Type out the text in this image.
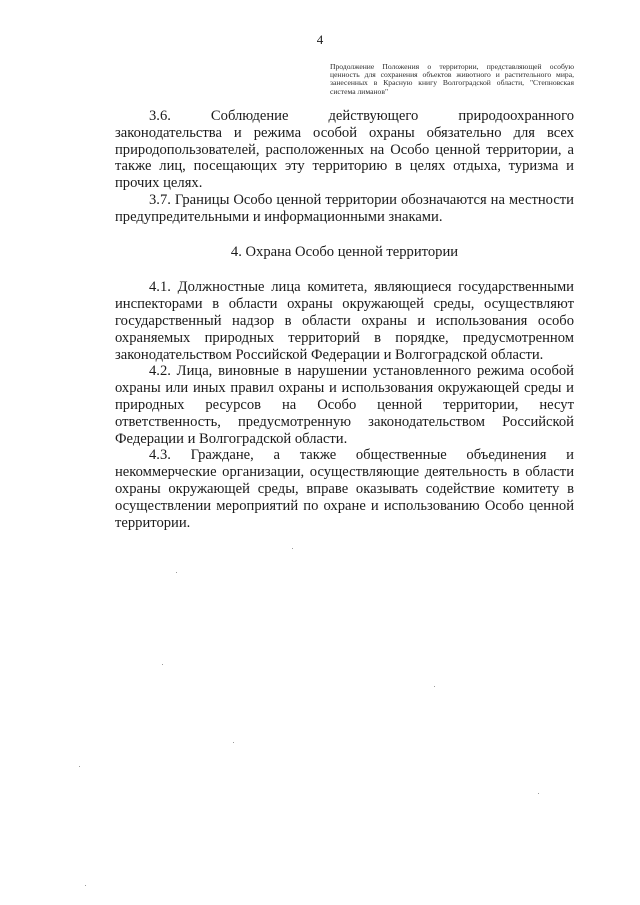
4
Продолжение Положения о территории, представляющей особую ценность для сохранения объектов животного и растительного мира, занесенных в Красную книгу Волгоградской области, "Степновская система лиманов"

3.6. Соблюдение действующего природоохранного законодательства и режима особой охраны обязательно для всех природопользователей, расположенных на Особо ценной территории, а также лиц, посещающих эту территорию в целях отдыха, туризма и прочих целях.

3.7. Границы Особо ценной территории обозначаются на местности предупредительными и информационными знаками.

4. Охрана Особо ценной территории

4.1. Должностные лица комитета, являющиеся государственными инспекторами в области охраны окружающей среды, осуществляют государственный надзор в области охраны и использования особо охраняемых природных территорий в порядке, предусмотренном законодательством Российской Федерации и Волгоградской области.

4.2. Лица, виновные в нарушении установленного режима особой охраны или иных правил охраны и использования окружающей среды и природных ресурсов на Особо ценной территории, несут ответственность, предусмотренную законодательством Российской Федерации и Волгоградской области.

4.3. Граждане, а также общественные объединения и некоммерческие организации, осуществляющие деятельность в области охраны окружающей среды, вправе оказывать содействие комитету в осуществлении мероприятий по охране и использованию Особо ценной территории.
